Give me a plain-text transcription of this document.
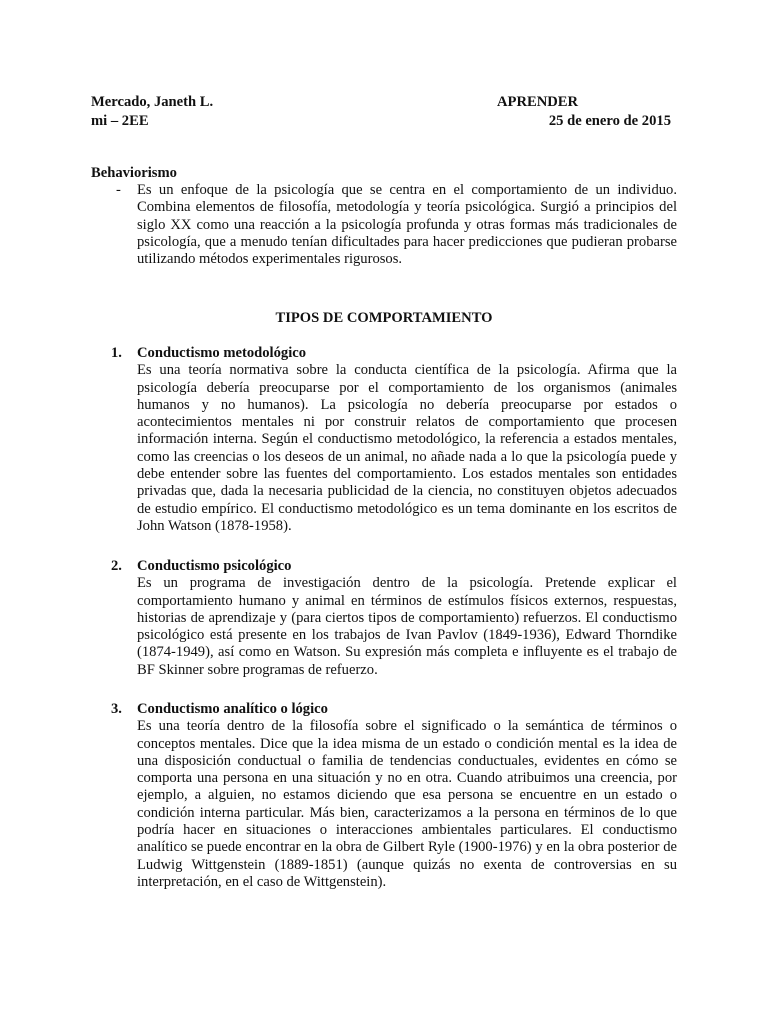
Mercado, Janeth L.	APRENDER
mi – 2EE	25 de enero de 2015
Behaviorismo
- Es un enfoque de la psicología que se centra en el comportamiento de un individuo. Combina elementos de filosofía, metodología y teoría psicológica. Surgió a principios del siglo XX como una reacción a la psicología profunda y otras formas más tradicionales de psicología, que a menudo tenían dificultades para hacer predicciones que pudieran probarse utilizando métodos experimentales rigurosos.
TIPOS DE COMPORTAMIENTO
1. Conductismo metodológico
Es una teoría normativa sobre la conducta científica de la psicología. Afirma que la psicología debería preocuparse por el comportamiento de los organismos (animales humanos y no humanos). La psicología no debería preocuparse por estados o acontecimientos mentales ni por construir relatos de comportamiento que procesen información interna. Según el conductismo metodológico, la referencia a estados mentales, como las creencias o los deseos de un animal, no añade nada a lo que la psicología puede y debe entender sobre las fuentes del comportamiento. Los estados mentales son entidades privadas que, dada la necesaria publicidad de la ciencia, no constituyen objetos adecuados de estudio empírico. El conductismo metodológico es un tema dominante en los escritos de John Watson (1878-1958).
2. Conductismo psicológico
Es un programa de investigación dentro de la psicología. Pretende explicar el comportamiento humano y animal en términos de estímulos físicos externos, respuestas, historias de aprendizaje y (para ciertos tipos de comportamiento) refuerzos. El conductismo psicológico está presente en los trabajos de Ivan Pavlov (1849-1936), Edward Thorndike (1874-1949), así como en Watson. Su expresión más completa e influyente es el trabajo de BF Skinner sobre programas de refuerzo.
3. Conductismo analítico o lógico
Es una teoría dentro de la filosofía sobre el significado o la semántica de términos o conceptos mentales. Dice que la idea misma de un estado o condición mental es la idea de una disposición conductual o familia de tendencias conductuales, evidentes en cómo se comporta una persona en una situación y no en otra. Cuando atribuimos una creencia, por ejemplo, a alguien, no estamos diciendo que esa persona se encuentre en un estado o condición interna particular. Más bien, caracterizamos a la persona en términos de lo que podría hacer en situaciones o interacciones ambientales particulares. El conductismo analítico se puede encontrar en la obra de Gilbert Ryle (1900-1976) y en la obra posterior de Ludwig Wittgenstein (1889-1851) (aunque quizás no exenta de controversias en su interpretación, en el caso de Wittgenstein).
